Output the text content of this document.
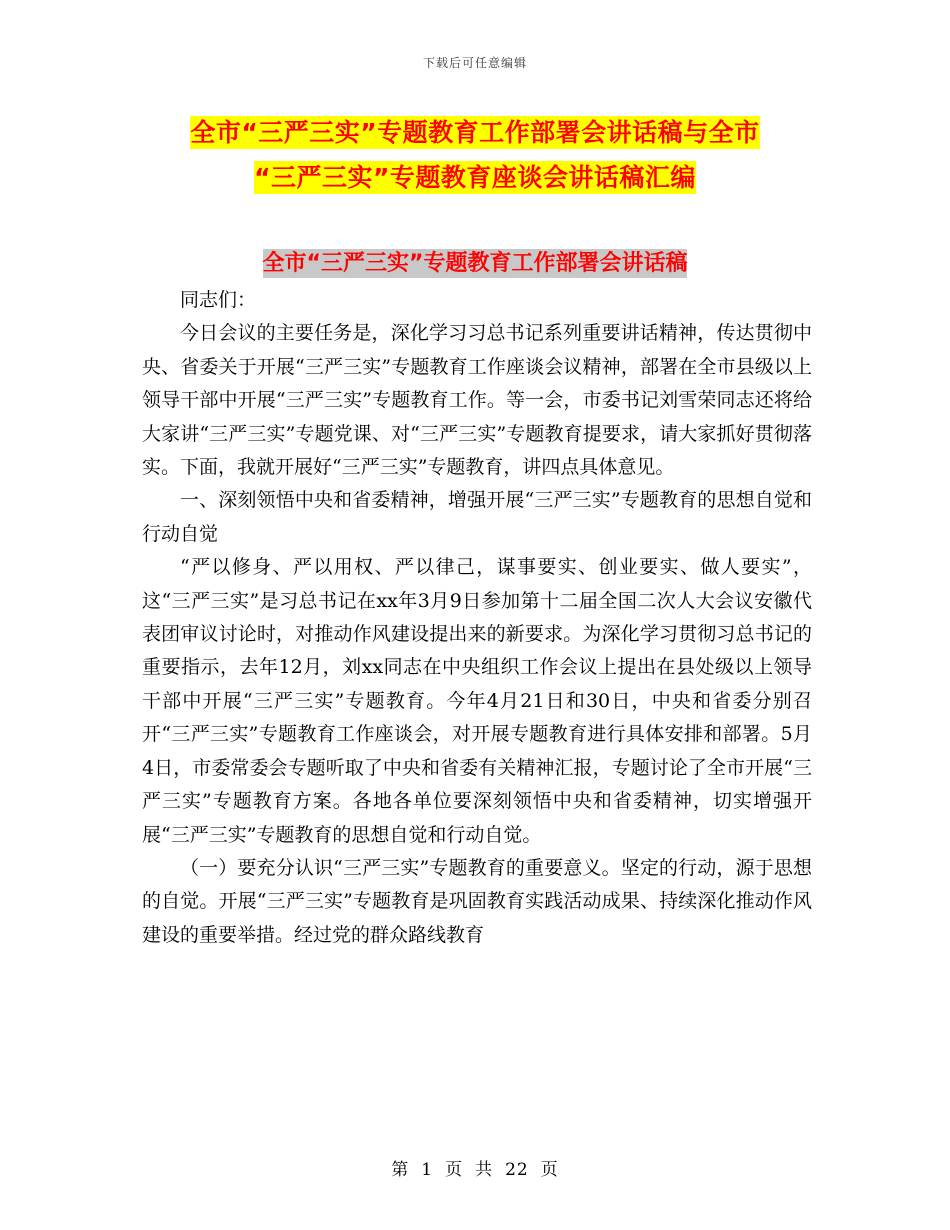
下载后可任意编辑
全市“三严三实”专题教育工作部署会讲话稿与全市
“三严三实”专题教育座谈会讲话稿汇编
全市“三严三实”专题教育工作部署会讲话稿

同志们：

今日会议的主要任务是，深化学习习总书记系列重要讲话精神，传达贯彻中央、省委关于开展“三严三实”专题教育工作座谈会议精神，部署在全市县级以上领导干部中开展“三严三实”专题教育工作。等一会，市委书记刘雪荣同志还将给大家讲“三严三实”专题党课、对“三严三实”专题教育提要求，请大家抓好贯彻落实。下面，我就开展好“三严三实”专题教育，讲四点具体意见。

一、深刻领悟中央和省委精神，增强开展“三严三实”专题教育的思想自觉和行动自觉

“严以修身、严以用权、严以律己，谋事要实、创业要实、做人要实”，这“三严三实”是习总书记在xx年3月9日参加第十二届全国二次人大会议安徽代表团审议讨论时，对推动作风建设提出来的新要求。为深化学习贯彻习总书记的重要指示，去年12月，刘xx同志在中央组织工作会议上提出在县处级以上领导干部中开展“三严三实”专题教育。今年4月21日和30日，中央和省委分别召开“三严三实”专题教育工作座谈会，对开展专题教育进行具体安排和部署。5月4日，市委常委会专题听取了中央和省委有关精神汇报，专题讨论了全市开展“三严三实”专题教育方案。各地各单位要深刻领悟中央和省委精神，切实增强开展“三严三实”专题教育的思想自觉和行动自觉。

（一）要充分认识“三严三实”专题教育的重要意义。坚定的行动，源于思想的自觉。开展“三严三实”专题教育是巩固教育实践活动成果、持续深化推动作风建设的重要举措。经过党的群众路线教育

第 1 页 共 22 页
